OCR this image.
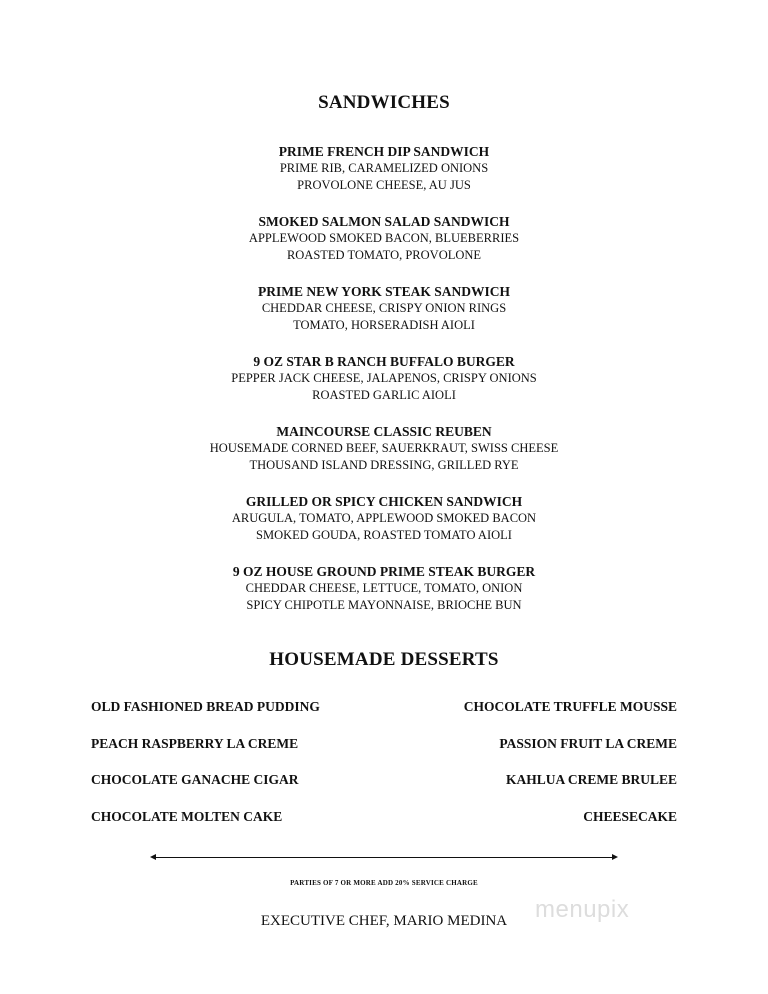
SANDWICHES
PRIME FRENCH DIP SANDWICH
PRIME RIB, CARAMELIZED ONIONS
PROVOLONE CHEESE, AU JUS
SMOKED SALMON SALAD SANDWICH
APPLEWOOD SMOKED BACON, BLUEBERRIES
ROASTED TOMATO, PROVOLONE
PRIME NEW YORK STEAK SANDWICH
CHEDDAR CHEESE, CRISPY ONION RINGS
TOMATO, HORSERADISH AIOLI
9 OZ STAR B RANCH BUFFALO BURGER
PEPPER JACK CHEESE, JALAPENOS, CRISPY ONIONS
ROASTED GARLIC AIOLI
MAINCOURSE CLASSIC REUBEN
HOUSEMADE CORNED BEEF, SAUERKRAUT, SWISS CHEESE
THOUSAND ISLAND DRESSING, GRILLED RYE
GRILLED OR SPICY CHICKEN SANDWICH
ARUGULA, TOMATO, APPLEWOOD SMOKED BACON
SMOKED GOUDA, ROASTED TOMATO AIOLI
9 OZ HOUSE GROUND PRIME STEAK BURGER
CHEDDAR CHEESE, LETTUCE, TOMATO, ONION
SPICY CHIPOTLE MAYONNAISE, BRIOCHE BUN
HOUSEMADE DESSERTS
OLD FASHIONED BREAD PUDDING
PEACH RASPBERRY LA CREME
CHOCOLATE GANACHE CIGAR
CHOCOLATE MOLTEN CAKE
CHOCOLATE TRUFFLE MOUSSE
PASSION FRUIT LA CREME
KAHLUA CREME BRULEE
CHEESECAKE
PARTIES OF 7 OR MORE ADD 20% SERVICE CHARGE
EXECUTIVE CHEF, MARIO MEDINA	menupix
